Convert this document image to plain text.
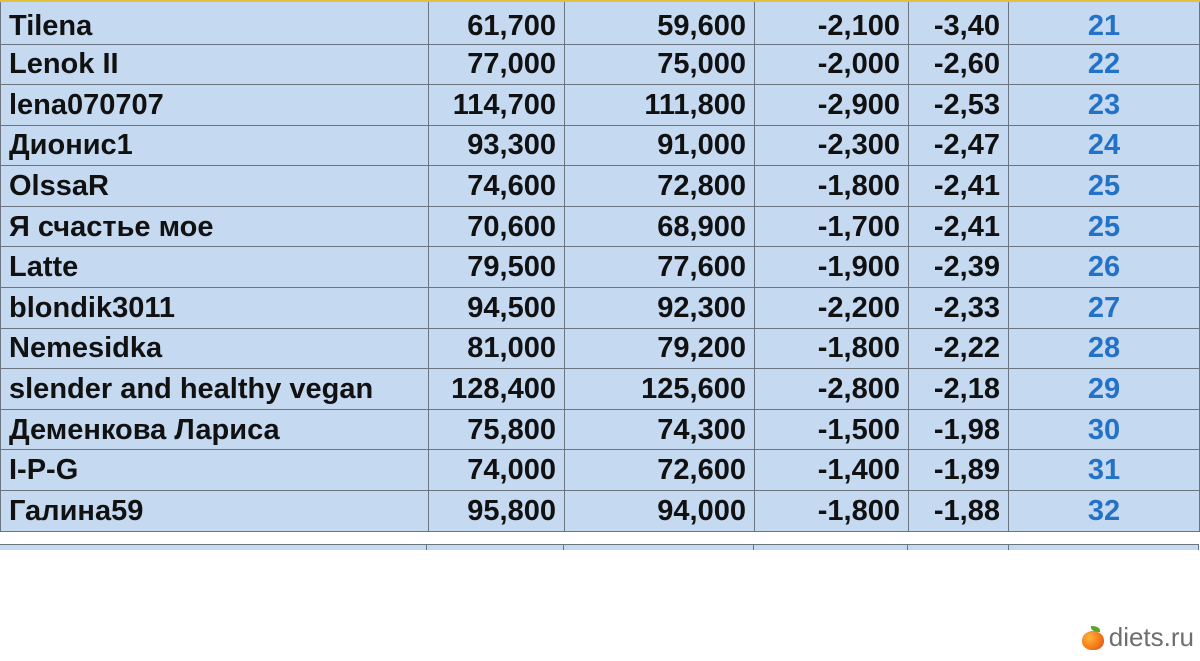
Tilena	61,700	59,600	-2,100	-3,40	21
Lenok II	77,000	75,000	-2,000	-2,60	22
lena070707	114,700	111,800	-2,900	-2,53	23
Дионис1	93,300	91,000	-2,300	-2,47	24
OlssaR	74,600	72,800	-1,800	-2,41	25
Я счастье мое	70,600	68,900	-1,700	-2,41	25
Latte	79,500	77,600	-1,900	-2,39	26
blondik3011	94,500	92,300	-2,200	-2,33	27
Nemesidka	81,000	79,200	-1,800	-2,22	28
slender and healthy vegan	128,400	125,600	-2,800	-2,18	29
Деменкова Лариса	75,800	74,300	-1,500	-1,98	30
I-P-G	74,000	72,600	-1,400	-1,89	31
Галина59	95,800	94,000	-1,800	-1,88	32
diets.ru
